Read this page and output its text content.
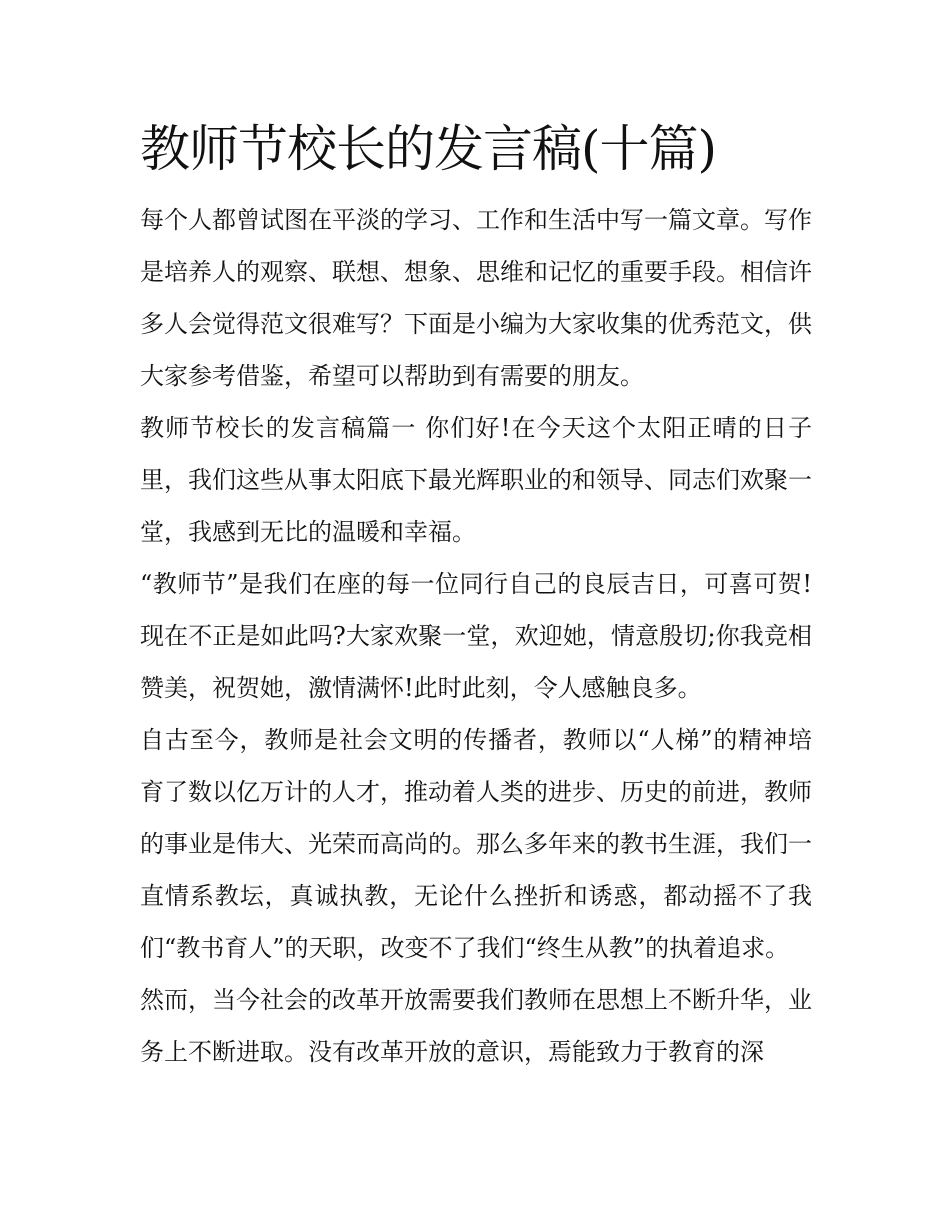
教师节校长的发言稿(十篇)

每个人都曾试图在平淡的学习、工作和生活中写一篇文章。写作是培养人的观察、联想、想象、思维和记忆的重要手段。相信许多人会觉得范文很难写？下面是小编为大家收集的优秀范文，供大家参考借鉴，希望可以帮助到有需要的朋友。

教师节校长的发言稿篇一 你们好!在今天这个太阳正晴的日子里，我们这些从事太阳底下最光辉职业的和领导、同志们欢聚一堂，我感到无比的温暖和幸福。

“教师节”是我们在座的每一位同行自己的良辰吉日，可喜可贺!现在不正是如此吗?大家欢聚一堂，欢迎她，情意殷切;你我竞相赞美，祝贺她，激情满怀!此时此刻，令人感触良多。

自古至今，教师是社会文明的传播者，教师以“人梯”的精神培育了数以亿万计的人才，推动着人类的进步、历史的前进，教师的事业是伟大、光荣而高尚的。那么多年来的教书生涯，我们一直情系教坛，真诚执教，无论什么挫折和诱惑，都动摇不了我们“教书育人”的天职，改变不了我们“终生从教”的执着追求。

然而，当今社会的改革开放需要我们教师在思想上不断升华，业务上不断进取。没有改革开放的意识，焉能致力于教育的深
